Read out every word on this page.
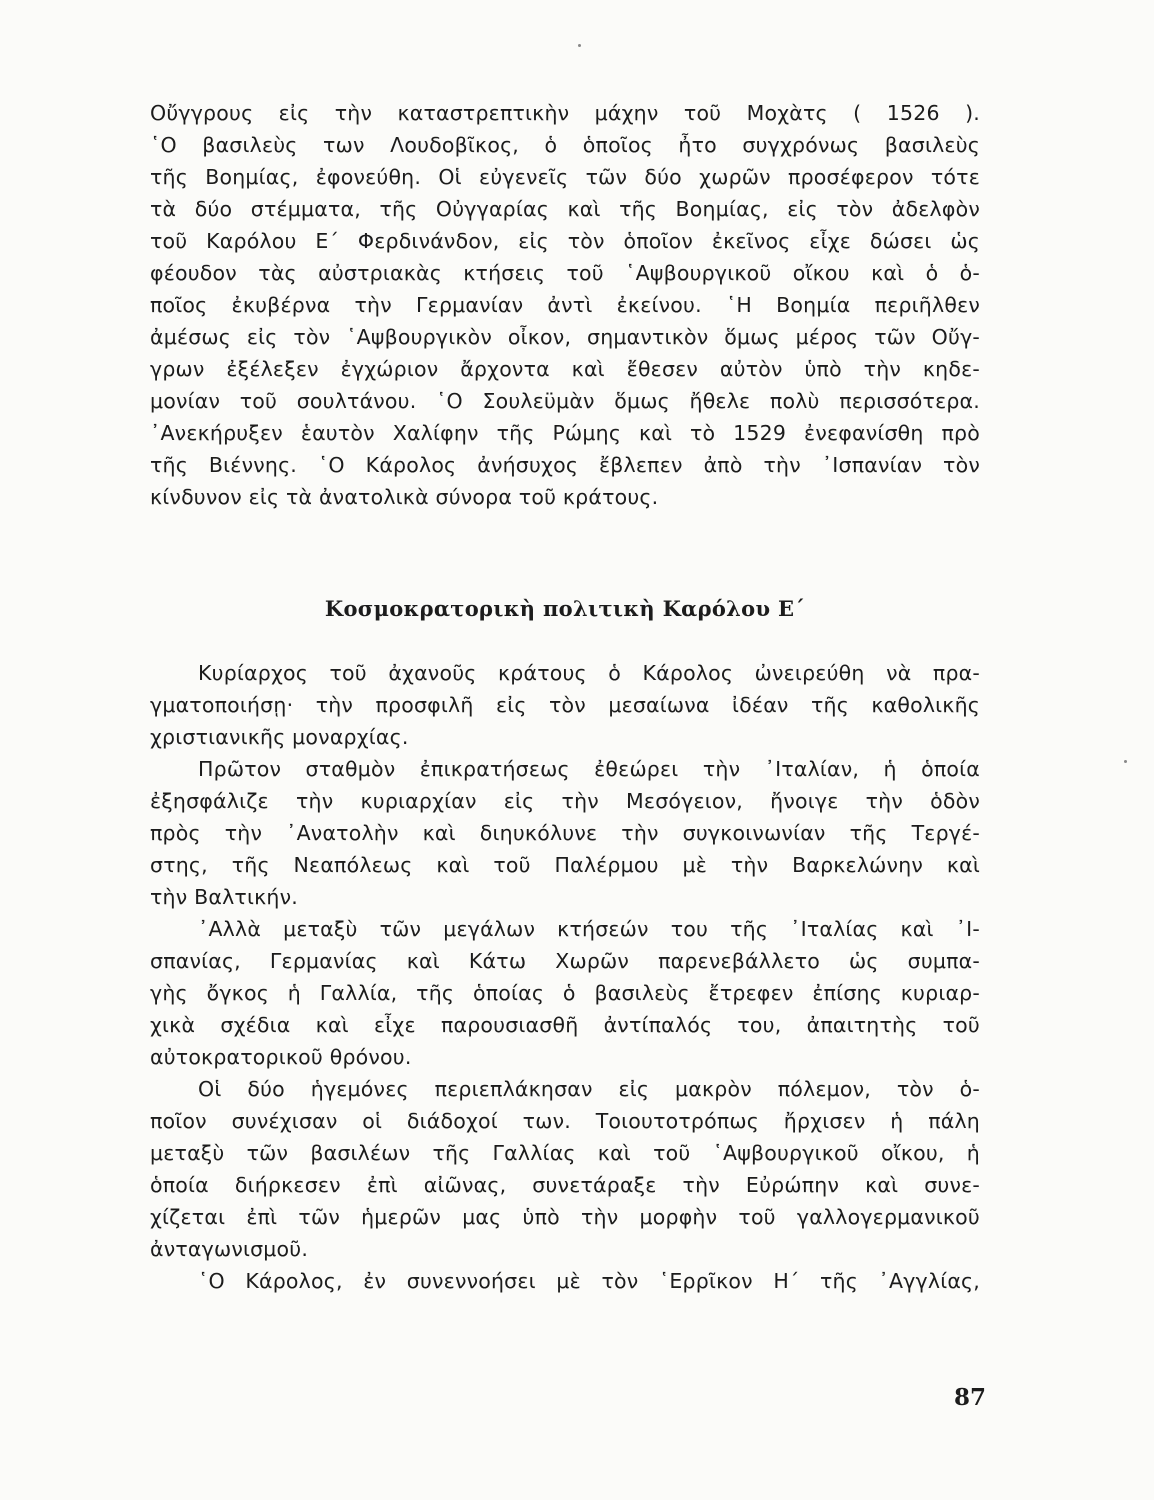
Οὔγγρους εἰς τὴν καταστρεπτικὴν μάχην τοῦ Μοχὰτς ( 1526 ).
῾Ο βασιλεὺς των Λουδοβῖκος, ὁ ὁποῖος ἦτο συγχρόνως βασιλεὺς
τῆς Βοημίας, ἐφονεύθη. Οἱ εὐγενεῖς τῶν δύο χωρῶν προσέφερον τότε
τὰ δύο στέμματα, τῆς Οὐγγαρίας καὶ τῆς Βοημίας, εἰς τὸν ἀδελφὸν
τοῦ Καρόλου Ε΄ Φερδινάνδον, εἰς τὸν ὁποῖον ἐκεῖνος εἶχε δώσει ὡς
φέουδον τὰς αὐστριακὰς κτήσεις τοῦ ῾Αψβουργικοῦ οἴκου καὶ ὁ ὁ-
ποῖος ἐκυβέρνα τὴν Γερμανίαν ἀντὶ ἐκείνου. ῾Η Βοημία περιῆλθεν
ἀμέσως εἰς τὸν ῾Αψβουργικὸν οἶκον, σημαντικὸν ὅμως μέρος τῶν Οὔγ-
γρων ἐξέλεξεν ἐγχώριον ἄρχοντα καὶ ἔθεσεν αὐτὸν ὑπὸ τὴν κηδε-
μονίαν τοῦ σουλτάνου. ῾Ο Σουλεϋμὰν ὅμως ἤθελε πολὺ περισσότερα.
᾿Ανεκήρυξεν ἑαυτὸν Χαλίφην τῆς Ρώμης καὶ τὸ 1529 ἐνεφανίσθη πρὸ
τῆς Βιέννης. ῾Ο Κάρολος ἀνήσυχος ἔβλεπεν ἀπὸ τὴν ᾿Ισπανίαν τὸν
κίνδυνον εἰς τὰ ἀνατολικὰ σύνορα τοῦ κράτους.
Κοσμοκρατορικὴ πολιτικὴ Καρόλου Ε΄
Κυρίαρχος τοῦ ἀχανοῦς κράτους ὁ Κάρολος ὠνειρεύθη νὰ πρα-
γματοποιήσῃ· τὴν προσφιλῆ εἰς τὸν μεσαίωνα ἰδέαν τῆς καθολικῆς
χριστιανικῆς μοναρχίας.
Πρῶτον σταθμὸν ἐπικρατήσεως ἐθεώρει τὴν ᾿Ιταλίαν, ἡ ὁποία
ἐξησφάλιζε τὴν κυριαρχίαν εἰς τὴν Μεσόγειον, ἤνοιγε τὴν ὁδὸν
πρὸς τὴν ᾿Ανατολὴν καὶ διηυκόλυνε τὴν συγκοινωνίαν τῆς Τεργέ-
στης, τῆς Νεαπόλεως καὶ τοῦ Παλέρμου μὲ τὴν Βαρκελώνην καὶ
τὴν Βαλτικήν.
᾿Αλλὰ μεταξὺ τῶν μεγάλων κτήσεών του τῆς ᾿Ιταλίας καὶ ᾿Ι-
σπανίας, Γερμανίας καὶ Κάτω Χωρῶν παρενεβάλλετο ὡς συμπα-
γὴς ὄγκος ἡ Γαλλία, τῆς ὁποίας ὁ βασιλεὺς ἔτρεφεν ἐπίσης κυριαρ-
χικὰ σχέδια καὶ εἶχε παρουσιασθῆ ἀντίπαλός του, ἀπαιτητὴς τοῦ
αὐτοκρατορικοῦ θρόνου.
Οἱ δύο ἡγεμόνες περιεπλάκησαν εἰς μακρὸν πόλεμον, τὸν ὁ-
ποῖον συνέχισαν οἱ διάδοχοί των. Τοιουτοτρόπως ἤρχισεν ἡ πάλη
μεταξὺ τῶν βασιλέων τῆς Γαλλίας καὶ τοῦ ῾Αψβουργικοῦ οἴκου, ἡ
ὁποία διήρκεσεν ἐπὶ αἰῶνας, συνετάραξε τὴν Εὐρώπην καὶ συνε-
χίζεται ἐπὶ τῶν ἡμερῶν μας ὑπὸ τὴν μορφὴν τοῦ γαλλογερμανικοῦ
ἀνταγωνισμοῦ.
῾Ο Κάρολος, ἐν συνεννοήσει μὲ τὸν ῾Ερρῖκον Η΄ τῆς ᾿Αγγλίας,
87
